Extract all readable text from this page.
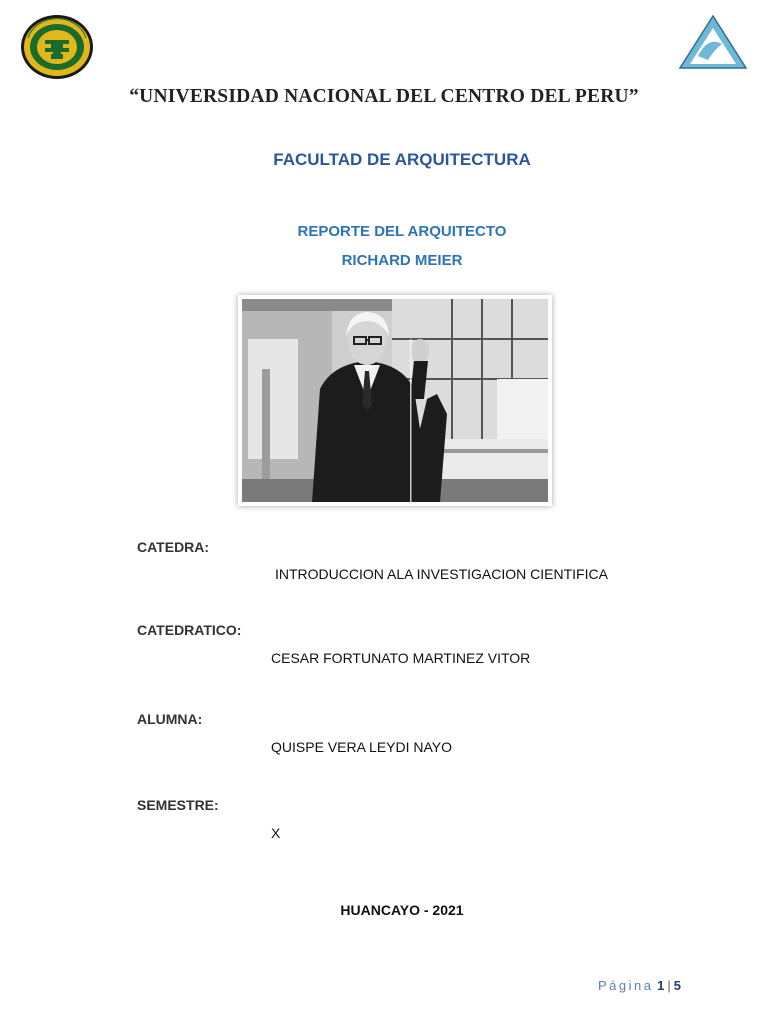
“UNIVERSIDAD NACIONAL DEL CENTRO DEL PERU”
FACULTAD DE ARQUITECTURA
REPORTE DEL ARQUITECTO
RICHARD MEIER
CATEDRA:
INTRODUCCION ALA INVESTIGACION CIENTIFICA
CATEDRATICO:
CESAR FORTUNATO MARTINEZ VITOR
ALUMNA:
QUISPE VERA LEYDI NAYO
SEMESTRE:
X
HUANCAYO - 2021
Página 1 | 5
